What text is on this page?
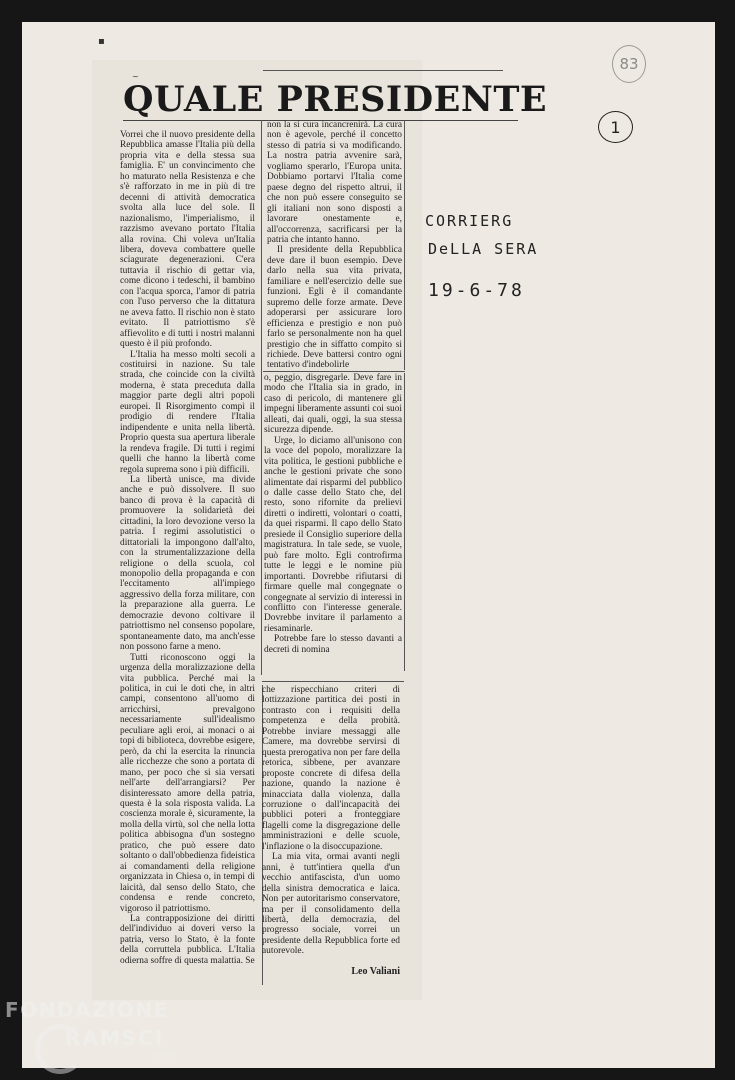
QUALE PRESIDENTE

Vorrei che il nuovo presidente della Repubblica amasse l'Italia più della propria vita e della stessa sua famiglia. E' un convincimento che ho maturato nella Resistenza e che s'è rafforzato in me in più di tre decenni di attività democratica svolta alla luce del sole. Il nazionalismo, l'imperialismo, il razzismo avevano portato l'Italia alla rovina. Chi voleva un'Italia libera, doveva combattere quelle sciagurate degenerazioni. C'era tuttavia il rischio di gettar via, come dicono i tedeschi, il bambino con l'acqua sporca, l'amor di patria con l'uso perverso che la dittatura ne aveva fatto. Il rischio non è stato evitato. Il patriottismo s'è affievolito e di tutti i nostri malanni questo è il più profondo.

L'Italia ha messo molti secoli a costituirsi in nazione. Su tale strada, che coincide con la civiltà moderna, è stata preceduta dalla maggior parte degli altri popoli europei. Il Risorgimento compì il prodigio di rendere l'Italia indipendente e unita nella libertà. Proprio questa sua apertura liberale la rendeva fragile. Di tutti i regimi quelli che hanno la libertà come regola suprema sono i più difficili.

La libertà unisce, ma divide anche e può dissolvere. Il suo banco di prova è la capacità di promuovere la solidarietà dei cittadini, la loro devozione verso la patria. I regimi assolutistici o dittatoriali la impongono dall'alto, con la strumentalizzazione della religione o della scuola, col monopolio della propaganda e con l'eccitamento all'impiego aggressivo della forza militare, con la preparazione alla guerra. Le democrazie devono coltivare il patriottismo nel consenso popolare, spontaneamente dato, ma anch'esse non possono farne a meno.

Tutti riconoscono oggi la urgenza della moralizzazione della vita pubblica. Perché mai la politica, in cui le doti che, in altri campi, consentono all'uomo di arricchirsi, prevalgono necessariamente sull'idealismo peculiare agli eroi, ai monaci o ai topi di biblioteca, dovrebbe esigere, però, da chi la esercita la rinuncia alle ricchezze che sono a portata di mano, per poco che si sia versati nell'arte dell'arrangiarsi? Per disinteressato amore della patria, questa è la sola risposta valida. La coscienza morale è, sicuramente, la molla della virtù, sol che nella lotta politica abbisogna d'un sostegno pratico, che può essere dato soltanto o dall'obbedienza fideistica ai comandamenti della religione organizzata in Chiesa o, in tempi di laicità, dal senso dello Stato, che condensa e rende concreto, vigoroso il patriottismo.

La contrapposizione dei diritti dell'individuo ai doveri verso la patria, verso lo Stato, è la fonte della corruttela pubblica. L'Italia odierna soffre di questa malattia. Se

non la si cura incancrenirà. La cura non è agevole, perché il concetto stesso di patria si va modificando. La nostra patria avvenire sarà, vogliamo sperarlo, l'Europa unita. Dobbiamo portarvi l'Italia come paese degno del rispetto altrui, il che non può essere conseguito se gli italiani non sono disposti a lavorare onestamente e, all'occorrenza, sacrificarsi per la patria che intanto hanno.

Il presidente della Repubblica deve dare il buon esempio. Deve darlo nella sua vita privata, familiare e nell'esercizio delle sue funzioni. Egli è il comandante supremo delle forze armate. Deve adoperarsi per assicurare loro efficienza e prestigio e non può farlo se personalmente non ha quel prestigio che in siffatto compito si richiede. Deve battersi contro ogni tentativo d'indebolirle

o, peggio, disgregarle. Deve fare in modo che l'Italia sia in grado, in caso di pericolo, di mantenere gli impegni liberamente assunti coi suoi alleati, dai quali, oggi, la sua stessa sicurezza dipende.

Urge, lo diciamo all'unisono con la voce del popolo, moralizzare la vita politica, le gestioni pubbliche e anche le gestioni private che sono alimentate dai risparmi del pubblico o dalle casse dello Stato che, del resto, sono rifornite da prelievi diretti o indiretti, volontari o coatti, da quei risparmi. Il capo dello Stato presiede il Consiglio superiore della magistratura. In tale sede, se vuole, può fare molto. Egli controfirma tutte le leggi e le nomine più importanti. Dovrebbe rifiutarsi di firmare quelle mal congegnate o congegnate al servizio di interessi in conflitto con l'interesse generale. Dovrebbe invitare il parlamento a riesaminarle.

Potrebbe fare lo stesso davanti a decreti di nomina

che rispecchiano criteri di lottizzazione partitica dei posti in contrasto con i requisiti della competenza e della probità. Potrebbe inviare messaggi alle Camere, ma dovrebbe servirsi di questa prerogativa non per fare della retorica, sibbene, per avanzare proposte concrete di difesa della nazione, quando la nazione è minacciata dalla violenza, dalla corruzione o dall'incapacità dei pubblici poteri a fronteggiare flagelli come la disgregazione delle amministrazioni e delle scuole, l'inflazione o la disoccupazione.

La mia vita, ormai avanti negli anni, è tutt'intiera quella d'un vecchio antifascista, d'un uomo della sinistra democratica e laica. Non per autoritarismo conservatore, ma per il consolidamento della libertà, della democrazia, del progresso sociale, vorrei un presidente della Repubblica forte ed autorevole.

Leo Valiani
CORRIERG
DeLLA SERA
19-6-78
83
1
▪
~
FONDAZIONE
RAMSCI
onlus
